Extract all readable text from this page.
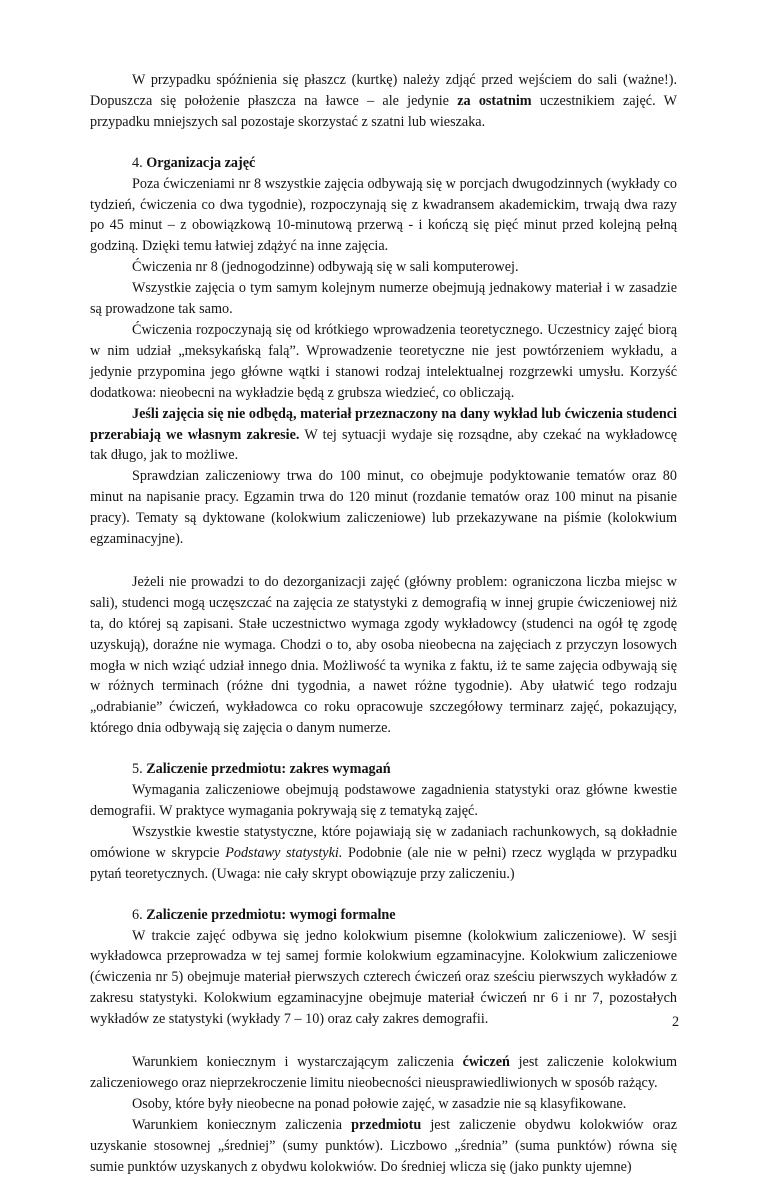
W przypadku spóźnienia się płaszcz (kurtkę) należy zdjąć przed wejściem do sali (ważne!). Dopuszcza się położenie płaszcza na ławce – ale jedynie za ostatnim uczestnikiem zajęć. W przypadku mniejszych sal pozostaje skorzystać z szatni lub wieszaka.

4. Organizacja zajęć

Poza ćwiczeniami nr 8 wszystkie zajęcia odbywają się w porcjach dwugodzinnych (wykłady co tydzień, ćwiczenia co dwa tygodnie), rozpoczynają się z kwadransem akademickim, trwają dwa razy po 45 minut – z obowiązkową 10-minutową przerwą - i kończą się pięć minut przed kolejną pełną godziną. Dzięki temu łatwiej zdążyć na inne zajęcia.

Ćwiczenia nr 8 (jednogodzinne) odbywają się w sali komputerowej.

Wszystkie zajęcia o tym samym kolejnym numerze obejmują jednakowy materiał i w zasadzie są prowadzone tak samo.

Ćwiczenia rozpoczynają się od krótkiego wprowadzenia teoretycznego. Uczestnicy zajęć biorą w nim udział „meksykańską falą”. Wprowadzenie teoretyczne nie jest powtórzeniem wykładu, a jedynie przypomina jego główne wątki i stanowi rodzaj intelektualnej rozgrzewki umysłu. Korzyść dodatkowa: nieobecni na wykładzie będą z grubsza wiedzieć, co obliczają.

Jeśli zajęcia się nie odbędą, materiał przeznaczony na dany wykład lub ćwiczenia studenci przerabiają we własnym zakresie. W tej sytuacji wydaje się rozsądne, aby czekać na wykładowcę tak długo, jak to możliwe.

Sprawdzian zaliczeniowy trwa do 100 minut, co obejmuje podyktowanie tematów oraz 80 minut na napisanie pracy. Egzamin trwa do 120 minut (rozdanie tematów oraz 100 minut na pisanie pracy). Tematy są dyktowane (kolokwium zaliczeniowe) lub przekazywane na piśmie (kolokwium egzaminacyjne).

Jeżeli nie prowadzi to do dezorganizacji zajęć (główny problem: ograniczona liczba miejsc w sali), studenci mogą uczęszczać na zajęcia ze statystyki z demografią w innej grupie ćwiczeniowej niż ta, do której są zapisani. Stałe uczestnictwo wymaga zgody wykładowcy (studenci na ogół tę zgodę uzyskują), doraźne nie wymaga. Chodzi o to, aby osoba nieobecna na zajęciach z przyczyn losowych mogła w nich wziąć udział innego dnia. Możliwość ta wynika z faktu, iż te same zajęcia odbywają się w różnych terminach (różne dni tygodnia, a nawet różne tygodnie). Aby ułatwić tego rodzaju „odrabianie” ćwiczeń, wykładowca co roku opracowuje szczegółowy terminarz zajęć, pokazujący, którego dnia odbywają się zajęcia o danym numerze.

5. Zaliczenie przedmiotu: zakres wymagań

Wymagania zaliczeniowe obejmują podstawowe zagadnienia statystyki oraz główne kwestie demografii. W praktyce wymagania pokrywają się z tematyką zajęć.

Wszystkie kwestie statystyczne, które pojawiają się w zadaniach rachunkowych, są dokładnie omówione w skrypcie Podstawy statystyki. Podobnie (ale nie w pełni) rzecz wygląda w przypadku pytań teoretycznych. (Uwaga: nie cały skrypt obowiązuje przy zaliczeniu.)

6. Zaliczenie przedmiotu: wymogi formalne

W trakcie zajęć odbywa się jedno kolokwium pisemne (kolokwium zaliczeniowe). W sesji wykładowca przeprowadza w tej samej formie kolokwium egzaminacyjne. Kolokwium zaliczeniowe (ćwiczenia nr 5) obejmuje materiał pierwszych czterech ćwiczeń oraz sześciu pierwszych wykładów z zakresu statystyki. Kolokwium egzaminacyjne obejmuje materiał ćwiczeń nr 6 i nr 7, pozostałych wykładów ze statystyki (wykłady 7 – 10) oraz cały zakres demografii.

Warunkiem koniecznym i wystarczającym zaliczenia ćwiczeń jest zaliczenie kolokwium zaliczeniowego oraz nieprzekroczenie limitu nieobecności nieusprawiedliwionych w sposób rażący.

Osoby, które były nieobecne na ponad połowie zajęć, w zasadzie nie są klasyfikowane.

Warunkiem koniecznym zaliczenia przedmiotu jest zaliczenie obydwu kolokwiów oraz uzyskanie stosownej „średniej” (sumy punktów). Liczbowo „średnia” (suma punktów) równa się sumie punktów uzyskanych z obydwu kolokwiów. Do średniej wlicza się (jako punkty ujemne)

2
